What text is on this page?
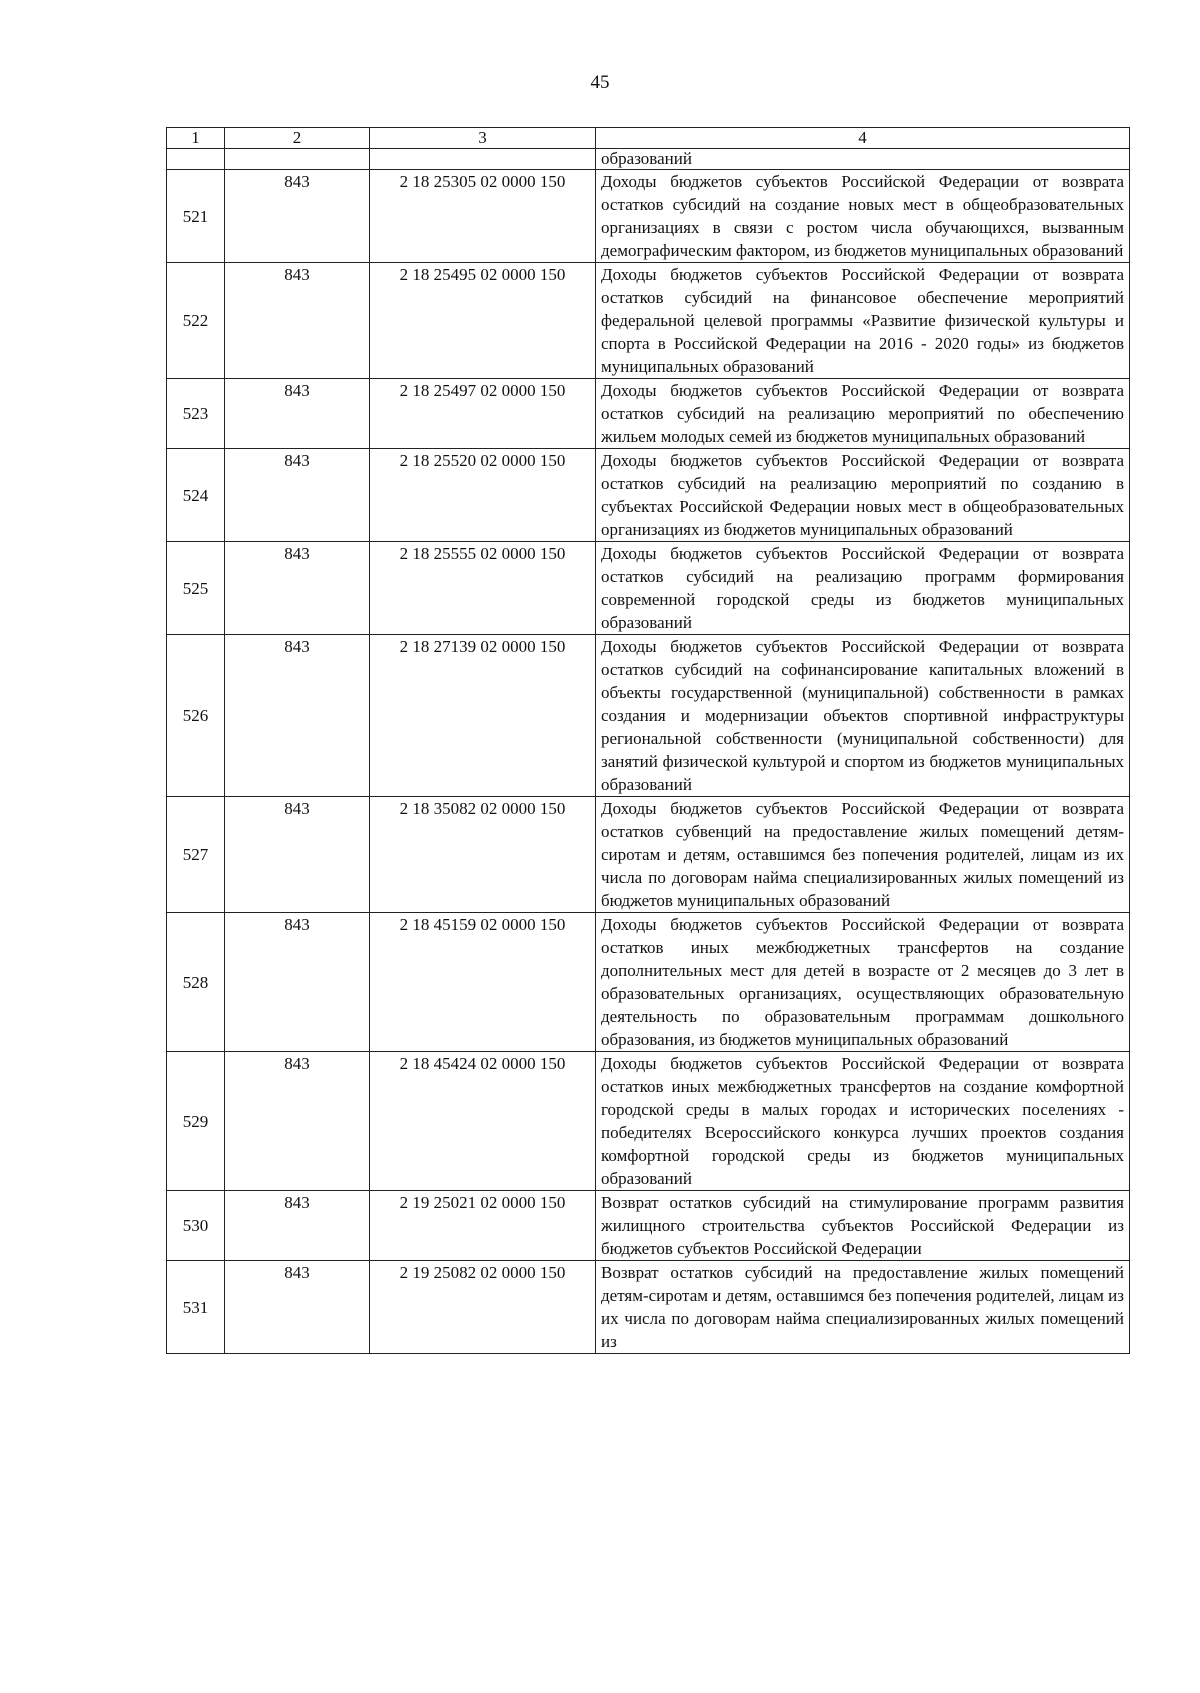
45
1	2	3	4
			образований
521	843	2 18 25305 02 0000 150	Доходы бюджетов субъектов Российской Федерации от возврата остатков субсидий на создание новых мест в общеобразовательных организациях в связи с ростом числа обучающихся, вызванным демографическим фактором, из бюджетов муниципальных образований

522	843	2 18 25495 02 0000 150	Доходы бюджетов субъектов Российской Федерации от возврата остатков субсидий на финансовое обеспечение мероприятий федеральной целевой программы «Развитие физической культуры и спорта в Российской Федерации на 2016 - 2020 годы» из бюджетов муниципальных образований

523	843	2 18 25497 02 0000 150	Доходы бюджетов субъектов Российской Федерации от возврата остатков субсидий на реализацию мероприятий по обеспечению жильем молодых семей из бюджетов муниципальных образований

524	843	2 18 25520 02 0000 150	Доходы бюджетов субъектов Российской Федерации от возврата остатков субсидий на реализацию мероприятий по созданию в субъектах Российской Федерации новых мест в общеобразовательных организациях из бюджетов муниципальных образований

525	843	2 18 25555 02 0000 150	Доходы бюджетов субъектов Российской Федерации от возврата остатков субсидий на реализацию программ формирования современной городской среды из бюджетов муниципальных образований

526	843	2 18 27139 02 0000 150	Доходы бюджетов субъектов Российской Федерации от возврата остатков субсидий на софинансирование капитальных вложений в объекты государственной (муниципальной) собственности в рамках создания и модернизации объектов спортивной инфраструктуры региональной собственности (муниципальной собственности) для занятий физической культурой и спортом из бюджетов муниципальных образований

527	843	2 18 35082 02 0000 150	Доходы бюджетов субъектов Российской Федерации от возврата остатков субвенций на предоставление жилых помещений детям-сиротам и детям, оставшимся без попечения родителей, лицам из их числа по договорам найма специализированных жилых помещений из бюджетов муниципальных образований

528	843	2 18 45159 02 0000 150	Доходы бюджетов субъектов Российской Федерации от возврата остатков иных межбюджетных трансфертов на создание дополнительных мест для детей в возрасте от 2 месяцев до 3 лет в образовательных организациях, осуществляющих образовательную деятельность по образовательным программам дошкольного образования, из бюджетов муниципальных образований

529	843	2 18 45424 02 0000 150	Доходы бюджетов субъектов Российской Федерации от возврата остатков иных межбюджетных трансфертов на создание комфортной городской среды в малых городах и исторических поселениях - победителях Всероссийского конкурса лучших проектов создания комфортной городской среды из бюджетов муниципальных образований

530	843	2 19 25021 02 0000 150	Возврат остатков субсидий на стимулирование программ развития жилищного строительства субъектов Российской Федерации из бюджетов субъектов Российской Федерации

531	843	2 19 25082 02 0000 150	Возврат остатков субсидий на предоставление жилых помещений детям-сиротам и детям, оставшимся без попечения родителей, лицам из их числа по договорам найма специализированных жилых помещений из
